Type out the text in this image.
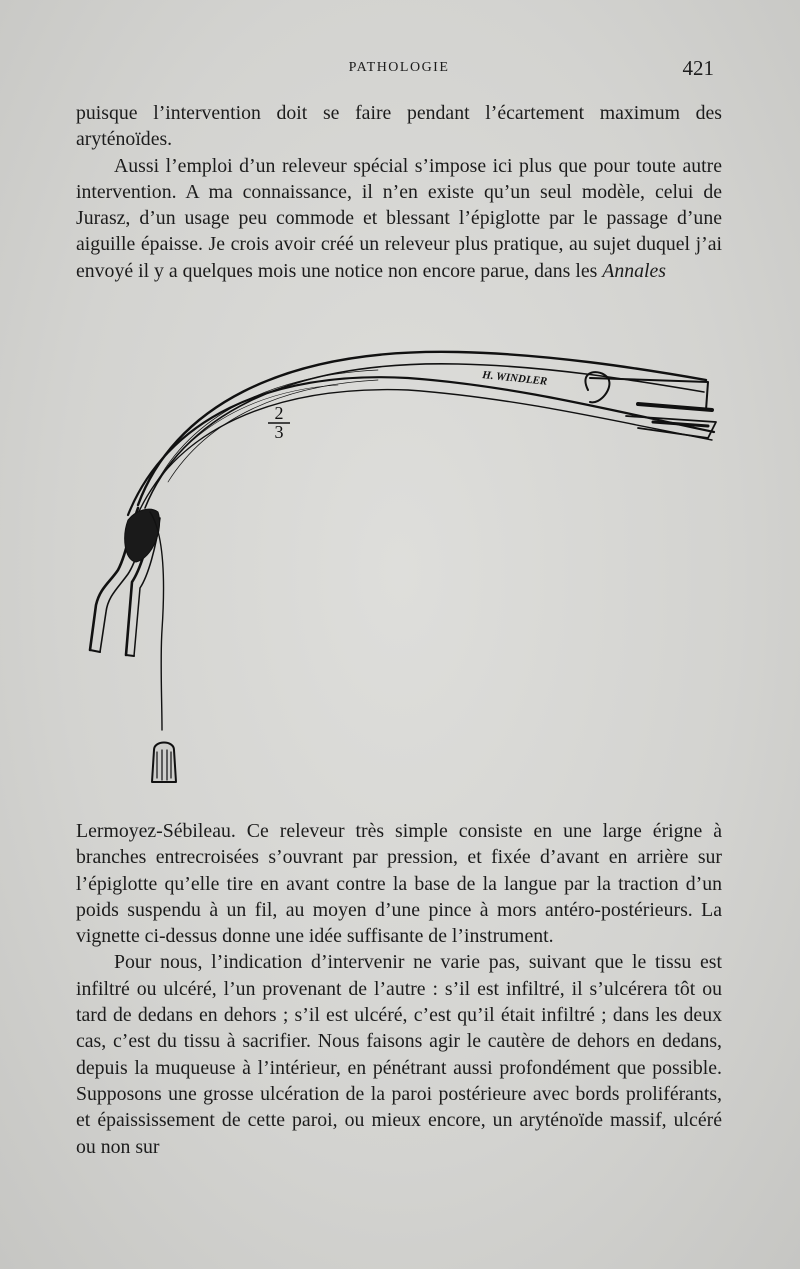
PATHOLOGIE	421

puisque l’intervention doit se faire pendant l’écartement maximum des aryténoïdes.

Aussi l’emploi d’un releveur spécial s’impose ici plus que pour toute autre intervention. A ma connaissance, il n’en existe qu’un seul modèle, celui de Jurasz, d’un usage peu commode et blessant l’épiglotte par le passage d’une aiguille épaisse. Je crois avoir créé un releveur plus pratique, au sujet duquel j’ai envoyé il y a quelques mois une notice non encore parue, dans les Annales

2
3
H. WINDLER

Lermoyez-Sébileau. Ce releveur très simple consiste en une large érigne à branches entrecroisées s’ouvrant par pression, et fixée d’avant en arrière sur l’épiglotte qu’elle tire en avant contre la base de la langue par la traction d’un poids suspendu à un fil, au moyen d’une pince à mors antéro-postérieurs. La vignette ci-dessus donne une idée suffisante de l’instrument.

Pour nous, l’indication d’intervenir ne varie pas, suivant que le tissu est infiltré ou ulcéré, l’un provenant de l’autre : s’il est infiltré, il s’ulcérera tôt ou tard de dedans en dehors ; s’il est ulcéré, c’est qu’il était infiltré ; dans les deux cas, c’est du tissu à sacrifier. Nous faisons agir le cautère de dehors en dedans, depuis la muqueuse à l’intérieur, en pénétrant aussi profondément que possible. Supposons une grosse ulcération de la paroi postérieure avec bords proliférants, et épaississement de cette paroi, ou mieux encore, un aryténoïde massif, ulcéré ou non sur
